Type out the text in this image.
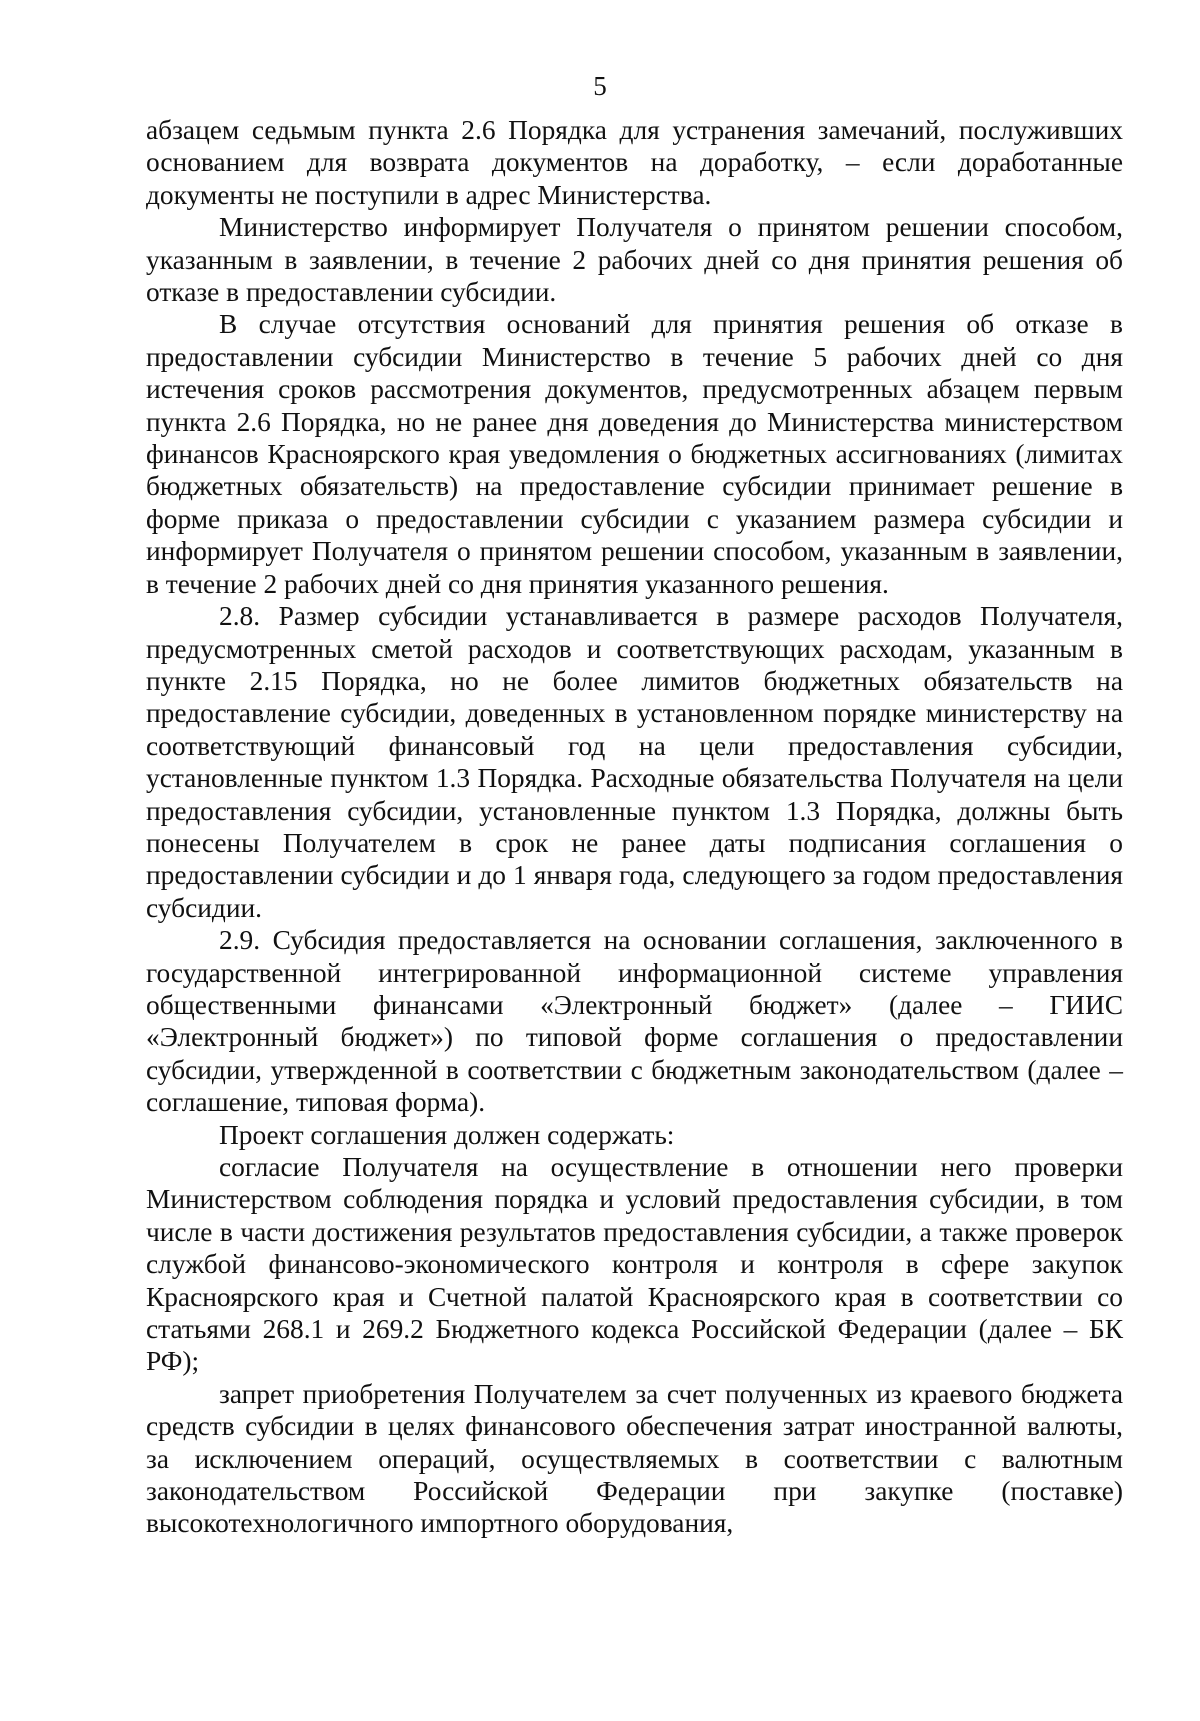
5

абзацем седьмым пункта 2.6 Порядка для устранения замечаний, послуживших основанием для возврата документов на доработку, – если доработанные документы не поступили в адрес Министерства.

Министерство информирует Получателя о принятом решении способом, указанным в заявлении, в течение 2 рабочих дней со дня принятия решения об отказе в предоставлении субсидии.

В случае отсутствия оснований для принятия решения об отказе в предоставлении субсидии Министерство в течение 5 рабочих дней со дня истечения сроков рассмотрения документов, предусмотренных абзацем первым пункта 2.6 Порядка, но не ранее дня доведения до Министерства министерством финансов Красноярского края уведомления о бюджетных ассигнованиях (лимитах бюджетных обязательств) на предоставление субсидии принимает решение в форме приказа о предоставлении субсидии с указанием размера субсидии и информирует Получателя о принятом решении способом, указанным в заявлении, в течение 2 рабочих дней со дня принятия указанного решения.

2.8. Размер субсидии устанавливается в размере расходов Получателя, предусмотренных сметой расходов и соответствующих расходам, указанным в пункте 2.15 Порядка, но не более лимитов бюджетных обязательств на предоставление субсидии, доведенных в установленном порядке министерству на соответствующий финансовый год на цели предоставления субсидии, установленные пунктом 1.3 Порядка. Расходные обязательства Получателя на цели предоставления субсидии, установленные пунктом 1.3 Порядка, должны быть понесены Получателем в срок не ранее даты подписания соглашения о предоставлении субсидии и до 1 января года, следующего за годом предоставления субсидии.

2.9. Субсидия предоставляется на основании соглашения, заключенного в государственной интегрированной информационной системе управления общественными финансами «Электронный бюджет» (далее – ГИИС «Электронный бюджет») по типовой форме соглашения о предоставлении субсидии, утвержденной в соответствии с бюджетным законодательством (далее – соглашение, типовая форма).

Проект соглашения должен содержать:

согласие Получателя на осуществление в отношении него проверки Министерством соблюдения порядка и условий предоставления субсидии, в том числе в части достижения результатов предоставления субсидии, а также проверок службой финансово-экономического контроля и контроля в сфере закупок Красноярского края и Счетной палатой Красноярского края в соответствии со статьями 268.1 и 269.2 Бюджетного кодекса Российской Федерации (далее – БК РФ);

запрет приобретения Получателем за счет полученных из краевого бюджета средств субсидии в целях финансового обеспечения затрат иностранной валюты, за исключением операций, осуществляемых в соответствии с валютным законодательством Российской Федерации при закупке (поставке) высокотехнологичного импортного оборудования,
